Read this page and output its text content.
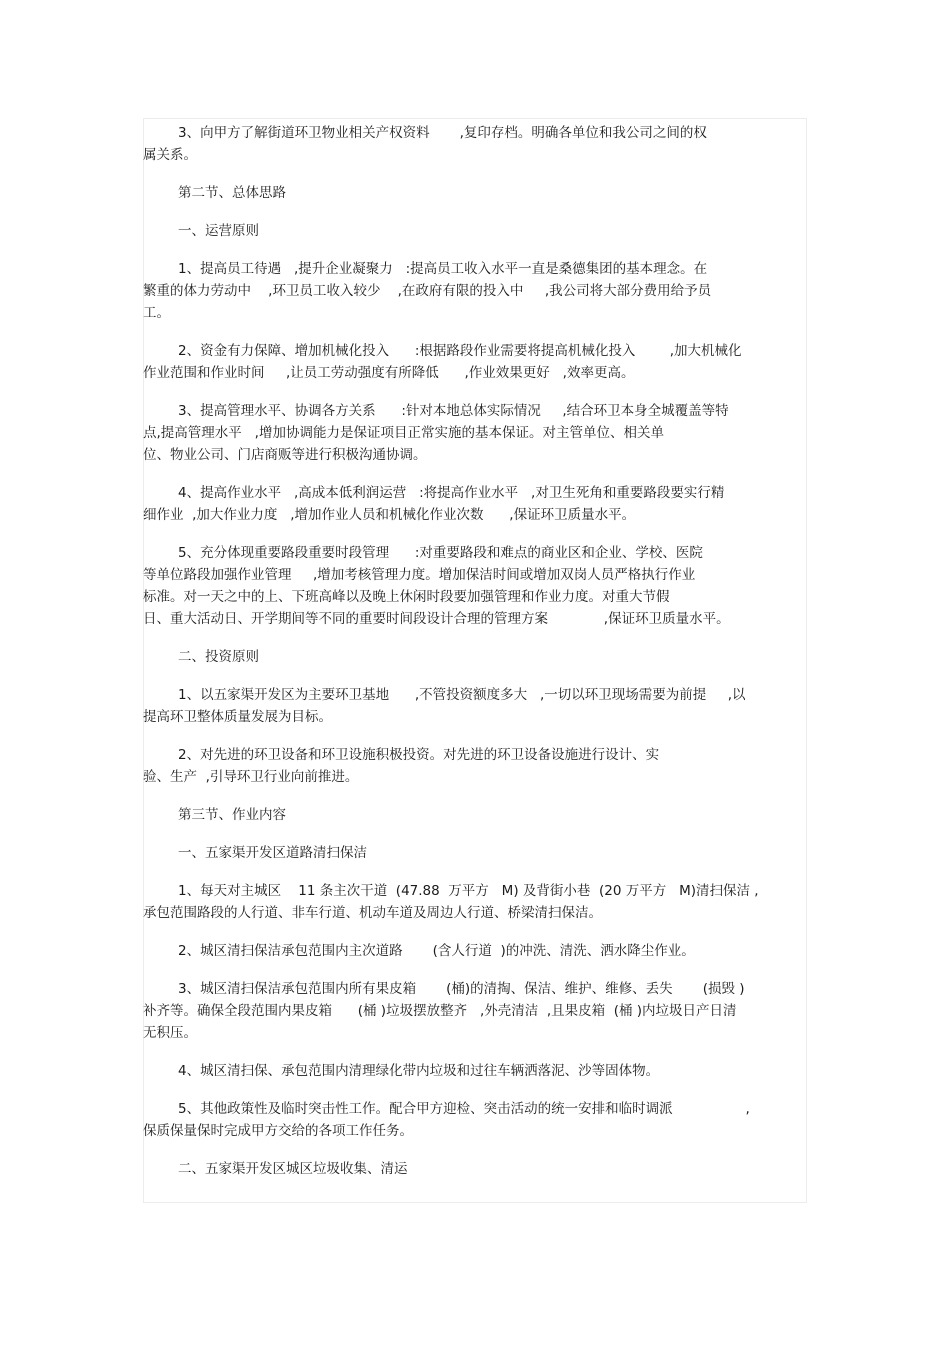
3、向甲方了解街道环卫物业相关产权资料       ,复印存档。明确各单位和我公司之间的权
属关系。
第二节、总体思路
一、运营原则
1、提高员工待遇   ,提升企业凝聚力   :提高员工收入水平一直是桑德集团的基本理念。在
繁重的体力劳动中    ,环卫员工收入较少    ,在政府有限的投入中     ,我公司将大部分费用给予员
工。
2、资金有力保障、增加机械化投入      :根据路段作业需要将提高机械化投入        ,加大机械化
作业范围和作业时间     ,让员工劳动强度有所降低      ,作业效果更好   ,效率更高。
3、提高管理水平、协调各方关系      :针对本地总体实际情况     ,结合环卫本身全城覆盖等特
点,提高管理水平   ,增加协调能力是保证项目正常实施的基本保证。对主管单位、相关单
位、物业公司、门店商贩等进行积极沟通协调。
4、提高作业水平   ,高成本低利润运营   :将提高作业水平   ,对卫生死角和重要路段要实行精
细作业  ,加大作业力度   ,增加作业人员和机械化作业次数      ,保证环卫质量水平。
5、充分体现重要路段重要时段管理      :对重要路段和难点的商业区和企业、学校、医院
等单位路段加强作业管理     ,增加考核管理力度。增加保洁时间或增加双岗人员严格执行作业
标准。对一天之中的上、下班高峰以及晚上休闲时段要加强管理和作业力度。对重大节假
日、重大活动日、开学期间等不同的重要时间段设计合理的管理方案             ,保证环卫质量水平。
二、投资原则
1、以五家渠开发区为主要环卫基地      ,不管投资额度多大   ,一切以环卫现场需要为前提     ,以
提高环卫整体质量发展为目标。
2、对先进的环卫设备和环卫设施积极投资。对先进的环卫设备设施进行设计、实
验、生产  ,引导环卫行业向前推进。
第三节、作业内容
一、五家渠开发区道路清扫保洁
1、每天对主城区    11 条主次干道  (47.88  万平方   M) 及背街小巷  (20 万平方   M)清扫保洁 ,
承包范围路段的人行道、非车行道、机动车道及周边人行道、桥梁清扫保洁。
2、城区清扫保洁承包范围内主次道路       (含人行道  )的冲洗、清洗、洒水降尘作业。
3、城区清扫保洁承包范围内所有果皮箱       (桶)的清掏、保洁、维护、维修、丢失       (损毁 )
补齐等。确保全段范围内果皮箱      (桶 )垃圾摆放整齐   ,外壳清洁  ,且果皮箱  (桶 )内垃圾日产日清
无积压。
4、城区清扫保、承包范围内清理绿化带内垃圾和过往车辆洒落泥、沙等固体物。
5、其他政策性及临时突击性工作。配合甲方迎检、突击活动的统一安排和临时调派                 ,
保质保量保时完成甲方交给的各项工作任务。
二、五家渠开发区城区垃圾收集、清运
